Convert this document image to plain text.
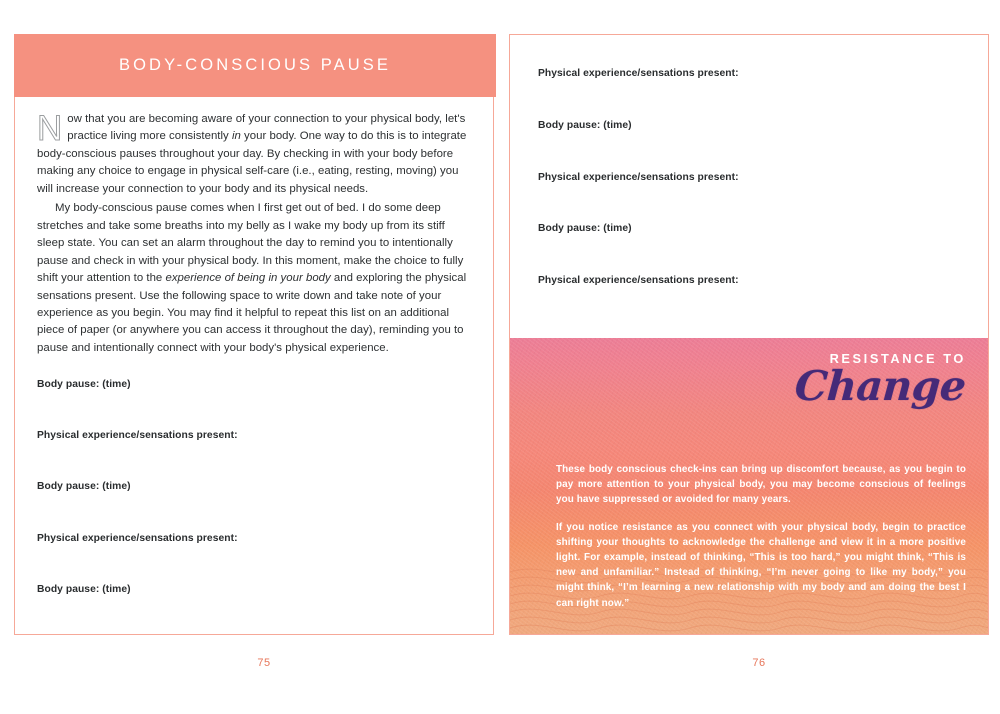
BODY-CONSCIOUS PAUSE

Now that you are becoming aware of your connection to your physical body, let's practice living more consistently in your body. One way to do this is to integrate body-conscious pauses throughout your day. By checking in with your body before making any choice to engage in physical self-care (i.e., eating, resting, moving) you will increase your connection to your body and its physical needs.

My body-conscious pause comes when I first get out of bed. I do some deep stretches and take some breaths into my belly as I wake my body up from its stiff sleep state. You can set an alarm throughout the day to remind you to intentionally pause and check in with your physical body. In this moment, make the choice to fully shift your attention to the experience of being in your body and exploring the physical sensations present. Use the following space to write down and take note of your experience as you begin. You may find it helpful to repeat this list on an additional piece of paper (or anywhere you can access it throughout the day), reminding you to pause and intentionally connect with your body's physical experience.

Body pause: (time)
Physical experience/sensations present:
Body pause: (time)
Physical experience/sensations present:
Body pause: (time)
75
Physical experience/sensations present:
Body pause: (time)
Physical experience/sensations present:
Body pause: (time)
Physical experience/sensations present:
RESISTANCE TO
Change

These body conscious check-ins can bring up discomfort because, as you begin to pay more attention to your physical body, you may become conscious of feelings you have suppressed or avoided for many years.

If you notice resistance as you connect with your physical body, begin to practice shifting your thoughts to acknowledge the challenge and view it in a more positive light. For example, instead of thinking, “This is too hard,” you might think, “This is new and unfamiliar.” Instead of thinking, “I’m never going to like my body,” you might think, “I’m learning a new relationship with my body and am doing the best I can right now.”

76
